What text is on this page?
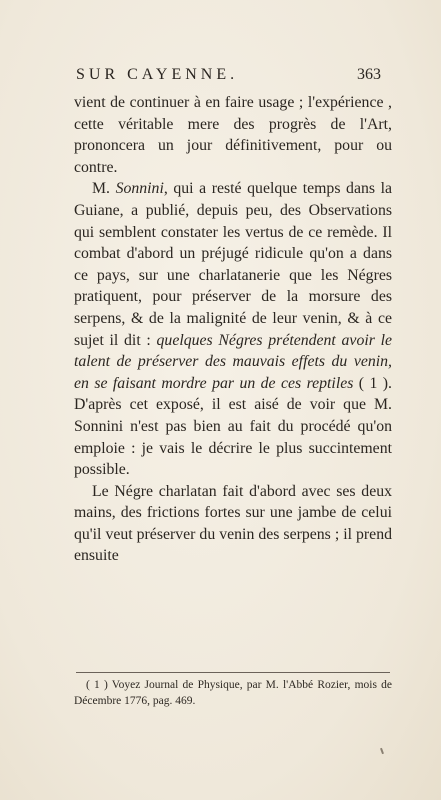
SUR CAYENNE.	363

vient de continuer à en faire usage ; l'expérience , cette véritable mere des progrès de l'Art, prononcera un jour définitivement, pour ou contre.

M. Sonnini, qui a resté quelque temps dans la Guiane, a publié, depuis peu, des Observations qui semblent constater les vertus de ce remède. Il combat d'abord un préjugé ridicule qu'on a dans ce pays, sur une charlatanerie que les Négres pratiquent, pour préserver de la morsure des serpens, & de la malignité de leur venin, & à ce sujet il dit : quelques Négres prétendent avoir le talent de préserver des mauvais effets du venin, en se faisant mordre par un de ces reptiles ( 1 ). D'après cet exposé, il est aisé de voir que M. Sonnini n'est pas bien au fait du procédé qu'on emploie : je vais le décrire le plus succintement possible.

Le Négre charlatan fait d'abord avec ses deux mains, des frictions fortes sur une jambe de celui qu'il veut préserver du venin des serpens ; il prend ensuite

( 1 ) Voyez Journal de Physique, par M. l'Abbé Rozier, mois de Décembre 1776, pag. 469.
